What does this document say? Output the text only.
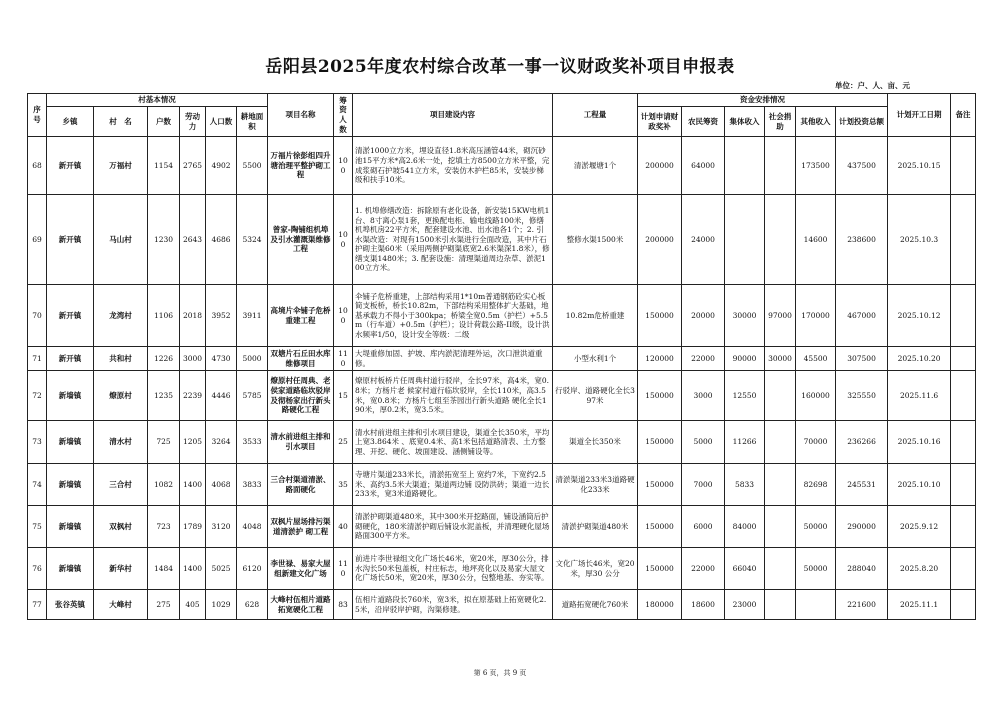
岳阳县2025年度农村综合改革一事一议财政奖补项目申报表
单位：户、人、亩、元
序号	村基本情况						项目名称	筹资人数	项目建设内容	工程量	资金安排情况						计划开工日期	备注
	乡镇	村　名	户数	劳动力	人口数	耕地面积					计划申请财政奖补	农民筹资	集体收入	社会捐助	其他收入	计划投资总额		
68	新开镇	万福村	1154	2765	4902	5500	万福片徐彭组四升塘治理平整护砌工程	100	清淤1000立方米，埋设直径1.8米高压涵管44米，砌沉砂池15平方米*高2.6米一处，挖填土方8500立方米平整，完成浆砌石护坡541立方米，安装仿木护栏85米，安装步梯级和扶手10米。	清淤堰塘1个	200000	64000			173500	437500	2025.10.15	
69	新开镇	马山村	1230	2643	4686	5324	曾家-陶铺组机埠及引水灌溉渠维修工程	100	1. 机埠修缮改造：拆除原有老化设备，新安装15KW电机1台、8寸离心泵1套，更换配电柜、输电线路100米，修缮机埠机房22平方米，配套建设水池、出水池各1个；2. 引水渠改造：对现有1500米引水渠进行全面改造，其中片石护砌主渠60米（采用两侧护砌渠底宽2.6米渠深1.8米），修缮支渠1480米；3. 配套设施：清理渠道周边杂草、淤泥100立方米。	整修水渠1500米	200000	24000			14600	238600	2025.10.3	
70	新开镇	龙湾村	1106	2018	3952	3911	高境片伞铺子危桥重建工程	100	伞铺子危桥重建，上部结构采用1*10m普通钢筋砼实心板简支板桥，桥长10.82m，下部结构采用整体扩大基础，地基承载力不得小于300kpa；桥梁全宽0.5m（护栏）+5.5m（行车道）+0.5m（护栏）；设计荷载公路-II级，设计洪水频率1/50，设计安全等级：二级	10.82m危桥重建	150000	20000	30000	97000	170000	467000	2025.10.12	
71	新开镇	共和村	1226	3000	4730	5000	双塘片石丘田水库维修项目	110	大堤重修加固、护坡、库内淤泥清理外运，次口泄洪道重修。	小型水利1个	120000	22000	90000	30000	45500	307500	2025.10.20	
72	新墙镇	燎原村	1235	2239	4446	5785	燎原村任周典、老侯家道路临坎驳岸及彻杨家出行新头路硬化工程	15	燎原村板桥片任周典村道行驳岸，全长97米，高4米，宽0.8米；方杨片老 候家村道行临坎驳岸，全长110米，高3.5米，宽0.8米；方杨片七组至茶园出行新头道路 硬化全长190米，厚0.2米，宽3.5米。	行驳岸、道路硬化全长397米	150000	3000	12550		160000	325550	2025.11.6	
73	新墙镇	清水村	725	1205	3264	3533	清水前进组主排和引水项目	25	清水村前进组主排和引水项目建设，渠道全长350米，平均上宽3.864米 、底宽0.4米、高1米包括道路清表、土方整理、开挖、硬化、坡面建设、涵侧铺设等。	渠道全长350米	150000	5000	11266		70000	236266	2025.10.16	
74	新墙镇	三合村	1082	1400	4068	3833	三合村渠道清淤、路面硬化	35	寺塘片渠道233米长，清淤拓宽至上 宽约7米，下宽约2.5米、高约3.5米大渠道；渠道两边铺 设防洪砖；渠道一边长233米，宽3米道路硬化。	清淤渠道233米3道路硬化233米	150000	7000	5833		82698	245531	2025.10.10	
75	新墙镇	双枫村	723	1789	3120	4048	双枫片屋场排污渠道清淤护 砌工程	40	清淤护砌渠道480米，其中300米开挖路面，铺设涵筒后护砌硬化，180米清淤护砌后铺设水泥盖板，并清理硬化屋场路面300平方米。	清淤护砌渠道480米	150000	6000	84000		50000	290000	2025.9.12	
76	新墙镇	新华村	1484	1400	5025	6120	李世禄、易家大屋组新建文化广场	110	前进片李世禄组文化广场长46米，宽20米，厚30公分，排水沟长50米包盖板，村庄标志，地坪亮化以及易家大屋文化广场长50米，宽20米，厚30公分，包整地基、夯实等。	文化广场长46米，宽20米，厚30 公分	150000	22000	66040		50000	288040	2025.8.20	
77	张谷英镇	大峰村	275	405	1029	628	大峰村伍相片道路拓宽硬化工程	83	伍相片道路段长760米，宽3米，拟在原基础上拓宽硬化2.5米，沿岸驳岸护砌，沟渠修建。	道路拓宽硬化760米	180000	18600	23000			221600	2025.11.1	
第 6 页，共 9 页
